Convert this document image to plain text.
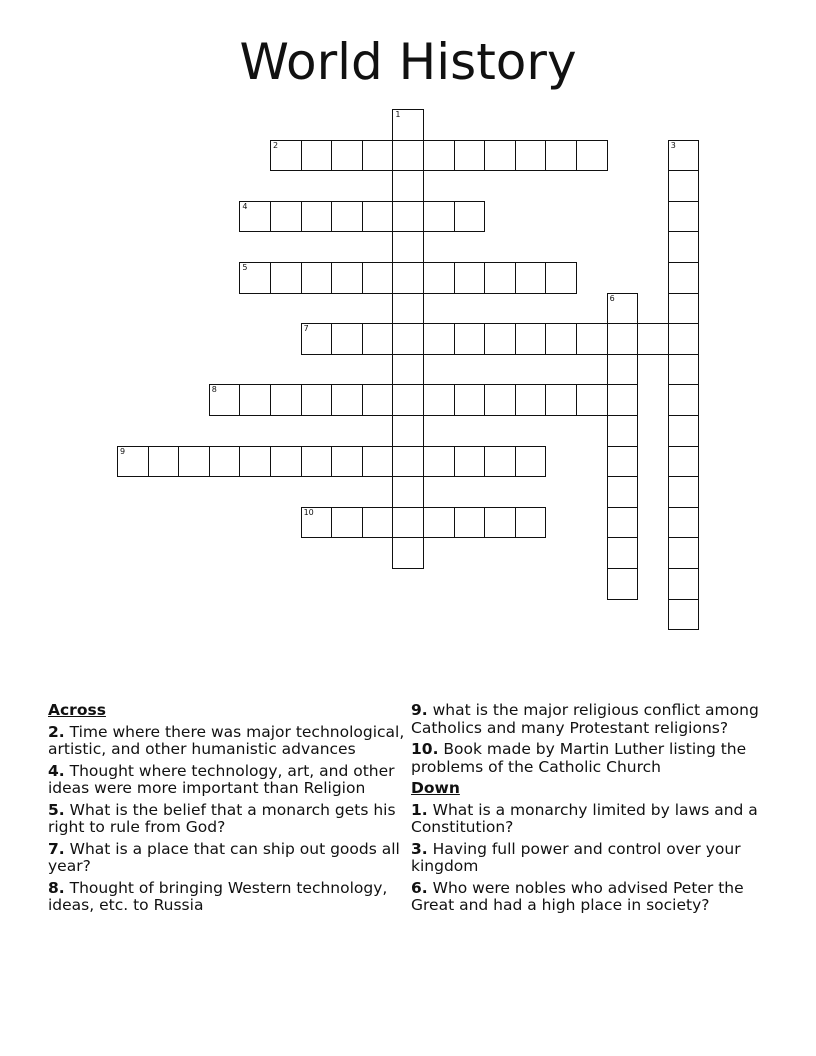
World History
1
2	3
4
5
6
7
8
9
10
Across
2. Time where there was major technological, artistic, and other humanistic advances
4. Thought where technology, art, and other ideas were more important than Religion
5. What is the belief that a monarch gets his right to rule from God?
7. What is a place that can ship out goods all year?
8. Thought of bringing Western technology, ideas, etc. to Russia
9. what is the major religious conflict among Catholics and many Protestant religions?
10. Book made by Martin Luther listing the problems of the Catholic Church
Down
1. What is a monarchy limited by laws and a Constitution?
3. Having full power and control over your kingdom
6. Who were nobles who advised Peter the Great and had a high place in society?
